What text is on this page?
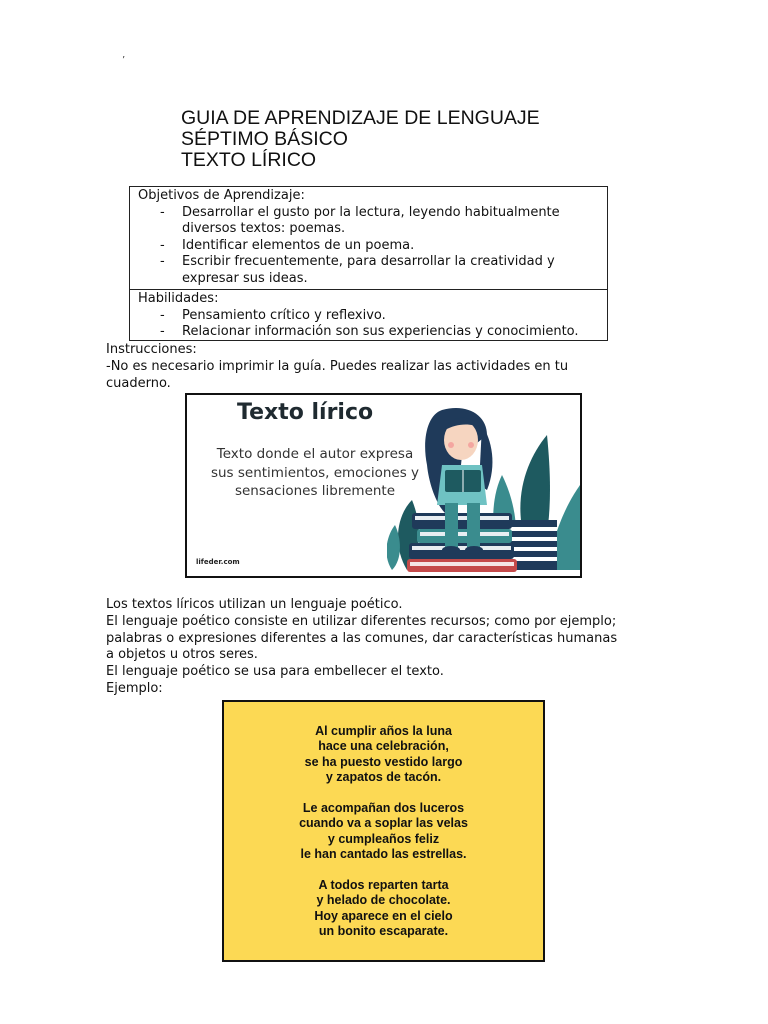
’
GUIA DE APRENDIZAJE DE LENGUAJE
SÉPTIMO BÁSICO
TEXTO LÍRICO
Objetivos de Aprendizaje:
- Desarrollar el gusto por la lectura, leyendo habitualmente
diversos textos: poemas.
- Identificar elementos de un poema.
- Escribir frecuentemente, para desarrollar la creatividad y
expresar sus ideas.
Habilidades:
- Pensamiento crítico y reflexivo.
- Relacionar información son sus experiencias y conocimiento.
Instrucciones:
-No es necesario imprimir la guía. Puedes realizar las actividades en tu
cuaderno.
Texto lírico
Texto donde el autor expresa
sus sentimientos, emociones y
sensaciones libremente
lifeder.com
Los textos líricos utilizan un lenguaje poético.
El lenguaje poético consiste en utilizar diferentes recursos; como por ejemplo;
palabras o expresiones diferentes a las comunes, dar características humanas
a objetos u otros seres.
El lenguaje poético se usa para embellecer el texto.
Ejemplo:
Al cumplir años la luna
hace una celebración,
se ha puesto vestido largo
y zapatos de tacón.
Le acompañan dos luceros
cuando va a soplar las velas
y cumpleaños feliz
le han cantado las estrellas.
A todos reparten tarta
y helado de chocolate.
Hoy aparece en el cielo
un bonito escaparate.
